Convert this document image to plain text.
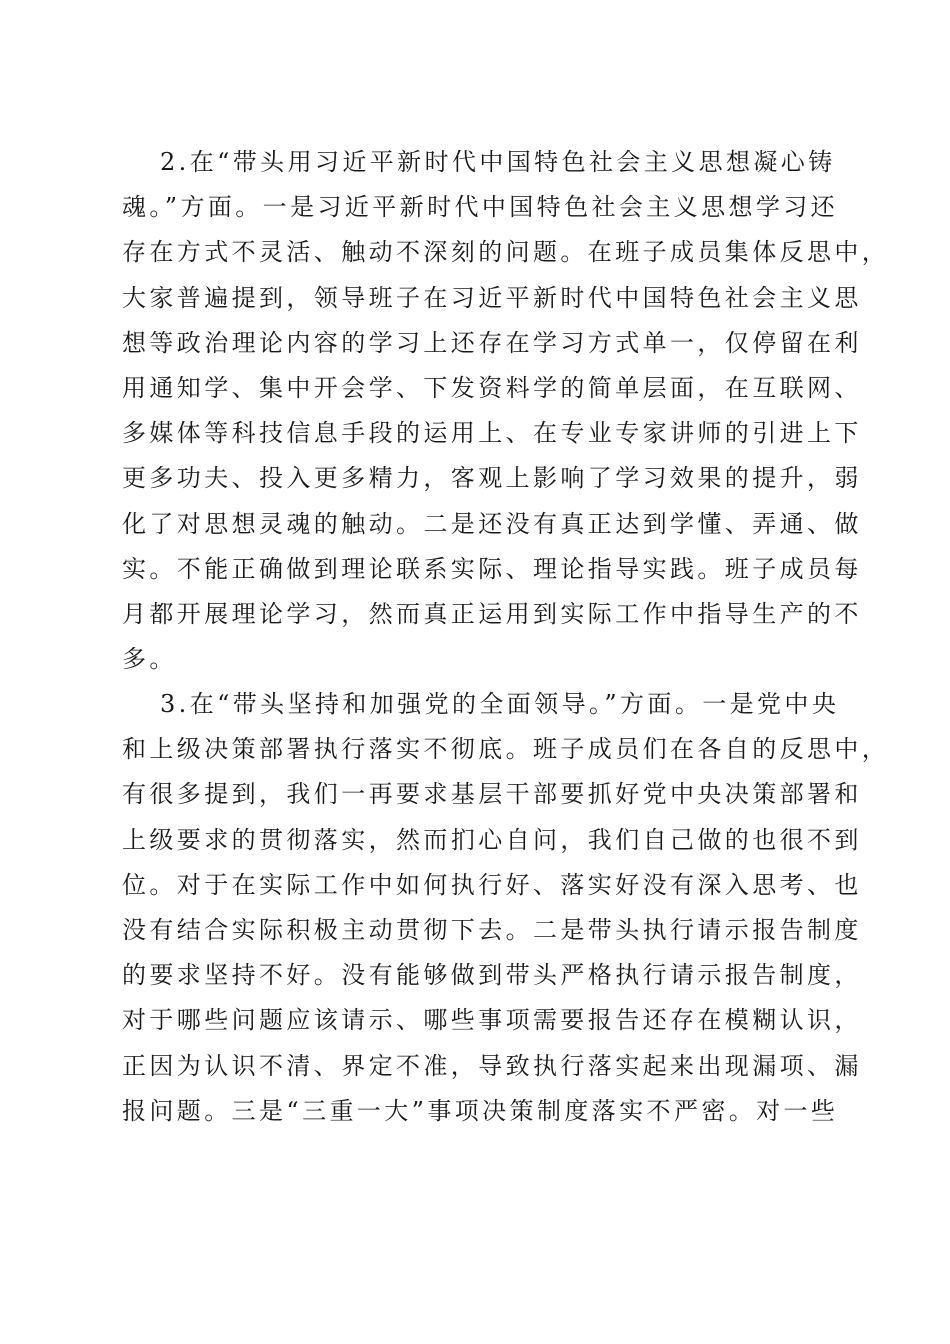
2.在“带头用习近平新时代中国特色社会主义思想凝心铸
魂。”方面。一是习近平新时代中国特色社会主义思想学习还
存在方式不灵活、触动不深刻的问题。在班子成员集体反思中，
大家普遍提到，领导班子在习近平新时代中国特色社会主义思
想等政治理论内容的学习上还存在学习方式单一，仅停留在利
用通知学、集中开会学、下发资料学的简单层面，在互联网、
多媒体等科技信息手段的运用上、在专业专家讲师的引进上下
更多功夫、投入更多精力，客观上影响了学习效果的提升，弱
化了对思想灵魂的触动。二是还没有真正达到学懂、弄通、做
实。不能正确做到理论联系实际、理论指导实践。班子成员每
月都开展理论学习，然而真正运用到实际工作中指导生产的不
多。
3.在“带头坚持和加强党的全面领导。”方面。一是党中央
和上级决策部署执行落实不彻底。班子成员们在各自的反思中，
有很多提到，我们一再要求基层干部要抓好党中央决策部署和
上级要求的贯彻落实，然而扪心自问，我们自己做的也很不到
位。对于在实际工作中如何执行好、落实好没有深入思考、也
没有结合实际积极主动贯彻下去。二是带头执行请示报告制度
的要求坚持不好。没有能够做到带头严格执行请示报告制度，
对于哪些问题应该请示、哪些事项需要报告还存在模糊认识，
正因为认识不清、界定不准，导致执行落实起来出现漏项、漏
报问题。三是“三重一大”事项决策制度落实不严密。对一些
